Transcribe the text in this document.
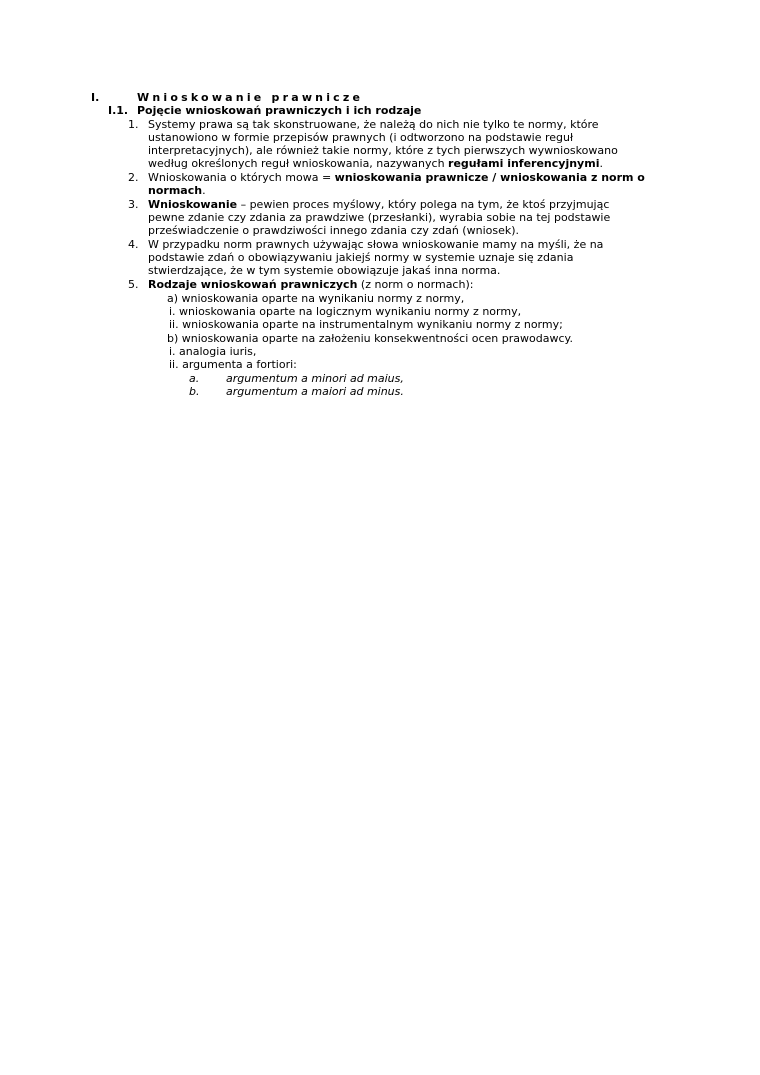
I.	Wnioskowanie prawnicze
I.1. Pojęcie wnioskowań prawniczych i ich rodzaje
1. Systemy prawa są tak skonstruowane, że należą do nich nie tylko te normy, które
ustanowiono w formie przepisów prawnych (i odtworzono na podstawie reguł
interpretacyjnych), ale również takie normy, które z tych pierwszych wywnioskowano
według określonych reguł wnioskowania, nazywanych regułami inferencyjnymi.
2. Wnioskowania o których mowa = wnioskowania prawnicze / wnioskowania z norm o
normach.
3. Wnioskowanie – pewien proces myślowy, który polega na tym, że ktoś przyjmując
pewne zdanie czy zdania za prawdziwe (przesłanki), wyrabia sobie na tej podstawie
przeświadczenie o prawdziwości innego zdania czy zdań (wniosek).
4. W przypadku norm prawnych używając słowa wnioskowanie mamy na myśli, że na
podstawie zdań o obowiązywaniu jakiejś normy w systemie uznaje się zdania
stwierdzające, że w tym systemie obowiązuje jakaś inna norma.
5. Rodzaje wnioskowań prawniczych (z norm o normach):
a) wnioskowania oparte na wynikaniu normy z normy,
i. wnioskowania oparte na logicznym wynikaniu normy z normy,
ii. wnioskowania oparte na instrumentalnym wynikaniu normy z normy;
b) wnioskowania oparte na założeniu konsekwentności ocen prawodawcy.
i. analogia iuris,
ii. argumenta a fortiori:
a. argumentum a minori ad maius,
b. argumentum a maiori ad minus.
